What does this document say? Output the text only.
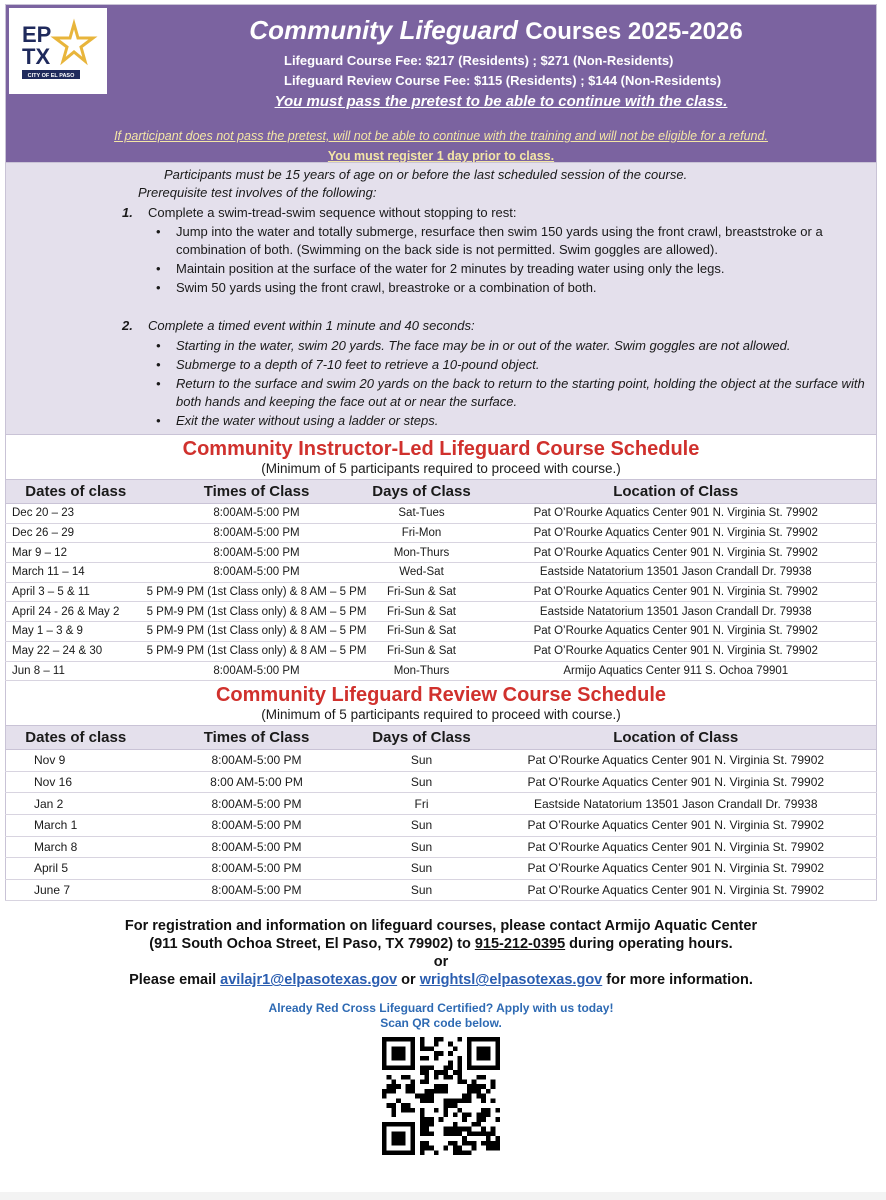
EP
TX
CITY OF EL PASO
Community Lifeguard Courses 2025-2026
Lifeguard Course Fee: $217 (Residents) ; $271 (Non-Residents)
Lifeguard Review Course Fee: $115 (Residents) ; $144 (Non-Residents)
You must pass the pretest to be able to continue with the class.
If participant does not pass the pretest, will not be able to continue with the training and will not be eligible for a refund.
You must register 1 day prior to class.
Participants must be 15 years of age on or before the last scheduled session of the course.
Prerequisite test involves of the following:
1. Complete a swim-tread-swim sequence without stopping to rest:
• Jump into the water and totally submerge, resurface then swim 150 yards using the front crawl, breaststroke or a combination of both. (Swimming on the back side is not permitted. Swim goggles are allowed).
• Maintain position at the surface of the water for 2 minutes by treading water using only the legs.
• Swim 50 yards using the front crawl, breastroke or a combination of both.
2. Complete a timed event within 1 minute and 40 seconds:
• Starting in the water, swim 20 yards. The face may be in or out of the water. Swim goggles are not allowed.
• Submerge to a depth of 7-10 feet to retrieve a 10-pound object.
• Return to the surface and swim 20 yards on the back to return to the starting point, holding the object at the surface with both hands and keeping the face out at or near the surface.
• Exit the water without using a ladder or steps.
Community Instructor-Led Lifeguard Course Schedule
(Minimum of 5 participants required to proceed with course.)
Dates of class	Times of Class	Days of Class	Location of Class
Dec 20 – 23	8:00AM-5:00 PM	Sat-Tues	Pat O’Rourke Aquatics Center 901 N. Virginia St. 79902
Dec 26 – 29	8:00AM-5:00 PM	Fri-Mon	Pat O’Rourke Aquatics Center 901 N. Virginia St. 79902
Mar 9 – 12	8:00AM-5:00 PM	Mon-Thurs	Pat O’Rourke Aquatics Center 901 N. Virginia St. 79902
March 11 – 14	8:00AM-5:00 PM	Wed-Sat	Eastside Natatorium 13501 Jason Crandall Dr. 79938
April 3 – 5 & 11	5 PM-9 PM (1st Class only) & 8 AM – 5 PM	Fri-Sun & Sat	Pat O’Rourke Aquatics Center 901 N. Virginia St. 79902
April 24 - 26 & May 2	5 PM-9 PM (1st Class only) & 8 AM – 5 PM	Fri-Sun & Sat	Eastside Natatorium 13501 Jason Crandall Dr. 79938
May 1 – 3 & 9	5 PM-9 PM (1st Class only) & 8 AM – 5 PM	Fri-Sun & Sat	Pat O’Rourke Aquatics Center 901 N. Virginia St. 79902
May 22 – 24 & 30	5 PM-9 PM (1st Class only) & 8 AM – 5 PM	Fri-Sun & Sat	Pat O’Rourke Aquatics Center 901 N. Virginia St. 79902
Jun 8 – 11	8:00AM-5:00 PM	Mon-Thurs	Armijo Aquatics Center 911 S. Ochoa 79901
Community Lifeguard Review Course Schedule
(Minimum of 5 participants required to proceed with course.)
Dates of class	Times of Class	Days of Class	Location of Class
Nov 9	8:00AM-5:00 PM	Sun	Pat O’Rourke Aquatics Center 901 N. Virginia St. 79902
Nov 16	8:00 AM-5:00 PM	Sun	Pat O’Rourke Aquatics Center 901 N. Virginia St. 79902
Jan 2	8:00AM-5:00 PM	Fri	Eastside Natatorium 13501 Jason Crandall Dr. 79938
March 1	8:00AM-5:00 PM	Sun	Pat O’Rourke Aquatics Center 901 N. Virginia St. 79902
March 8	8:00AM-5:00 PM	Sun	Pat O’Rourke Aquatics Center 901 N. Virginia St. 79902
April 5	8:00AM-5:00 PM	Sun	Pat O’Rourke Aquatics Center 901 N. Virginia St. 79902
June 7	8:00AM-5:00 PM	Sun	Pat O’Rourke Aquatics Center 901 N. Virginia St. 79902
For registration and information on lifeguard courses, please contact Armijo Aquatic Center
(911 South Ochoa Street, El Paso, TX 79902) to 915-212-0395 during operating hours.
or
Please email avilajr1@elpasotexas.gov or wrightsl@elpasotexas.gov for more information.
Already Red Cross Lifeguard Certified? Apply with us today!
Scan QR code below.
